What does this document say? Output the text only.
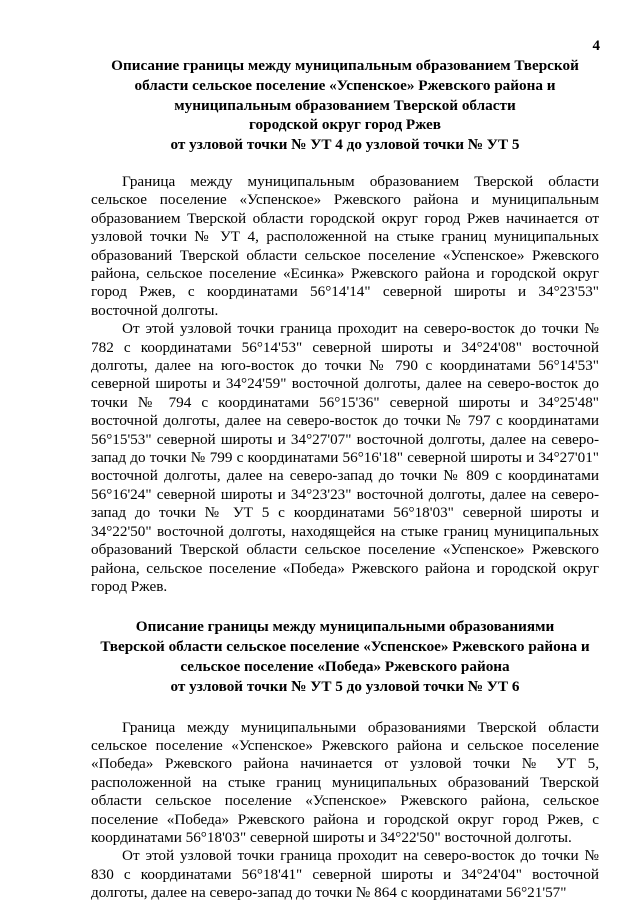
4
Описание границы между муниципальным образованием Тверской
области сельское поселение «Успенское» Ржевского района и
муниципальным образованием Тверской области
городской округ город Ржев
от узловой точки № УТ 4 до узловой точки № УТ 5

Граница между муниципальным образованием Тверской области сельское поселение «Успенское» Ржевского района и муниципальным образованием Тверской области городской округ город Ржев начинается от узловой точки № УТ 4, расположенной на стыке границ муниципальных образований Тверской области сельское поселение «Успенское» Ржевского района, сельское поселение «Есинка» Ржевского района и городской округ город Ржев, с координатами 56°14'14" северной широты и 34°23'53" восточной долготы.

От этой узловой точки граница проходит на северо-восток до точки № 782 с координатами 56°14'53" северной широты и 34°24'08" восточной долготы, далее на юго-восток до точки № 790 с координатами 56°14'53" северной широты и 34°24'59" восточной долготы, далее на северо-восток до точки № 794 с координатами 56°15'36" северной широты и 34°25'48" восточной долготы, далее на северо-восток до точки № 797 с координатами 56°15'53" северной широты и 34°27'07" восточной долготы, далее на северо-запад до точки № 799 с координатами 56°16'18" северной широты и 34°27'01" восточной долготы, далее на северо-запад до точки № 809 с координатами 56°16'24" северной широты и 34°23'23" восточной долготы, далее на северо-запад до точки № УТ 5 с координатами 56°18'03" северной широты и 34°22'50" восточной долготы, находящейся на стыке границ муниципальных образований Тверской области сельское поселение «Успенское» Ржевского района, сельское поселение «Победа» Ржевского района и городской округ город Ржев.

Описание границы между муниципальными образованиями
Тверской области сельское поселение «Успенское» Ржевского района и
сельское поселение «Победа» Ржевского района
от узловой точки № УТ 5 до узловой точки № УТ 6

Граница между муниципальными образованиями Тверской области сельское поселение «Успенское» Ржевского района и сельское поселение «Победа» Ржевского района начинается от узловой точки № УТ 5, расположенной на стыке границ муниципальных образований Тверской области сельское поселение «Успенское» Ржевского района, сельское поселение «Победа» Ржевского района и городской округ город Ржев, с координатами 56°18'03" северной широты и 34°22'50" восточной долготы.

От этой узловой точки граница проходит на северо-восток до точки № 830 с координатами 56°18'41" северной широты и 34°24'04" восточной долготы, далее на северо-запад до точки № 864 с координатами 56°21'57"
